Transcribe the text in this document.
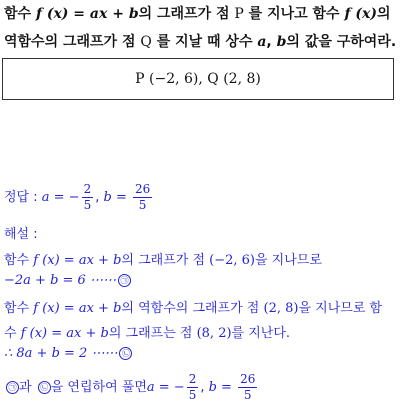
함수 f (x) = ax + b의 그래프가 점 P 를 지나고 함수 f (x)의
역함수의 그래프가 점 Q 를 지날 때 상수 a, b의 값을 구하여라.
P (−2, 6), Q (2, 8)
정답 : a = − $\frac{2}{5}$ , $b = \frac{26}{5}$
해설 :
함수 f (x) = ax + b의 그래프가 점 (−2, 6)을 지나므로
−2a + b = 6 ⋯⋯ ㉠
함수 f (x) = ax + b의 역함수의 그래프가 점 (2, 8)을 지나므로 함
수 f (x) = ax + b의 그래프는 점 (8, 2)를 지난다.
∴ 8a + b = 2 ⋯⋯ ㉡
㉠ 과 ㉡ 을 연립하여 풀면a = − $\frac{2}{5}$ , $b = \frac{26}{5}$
